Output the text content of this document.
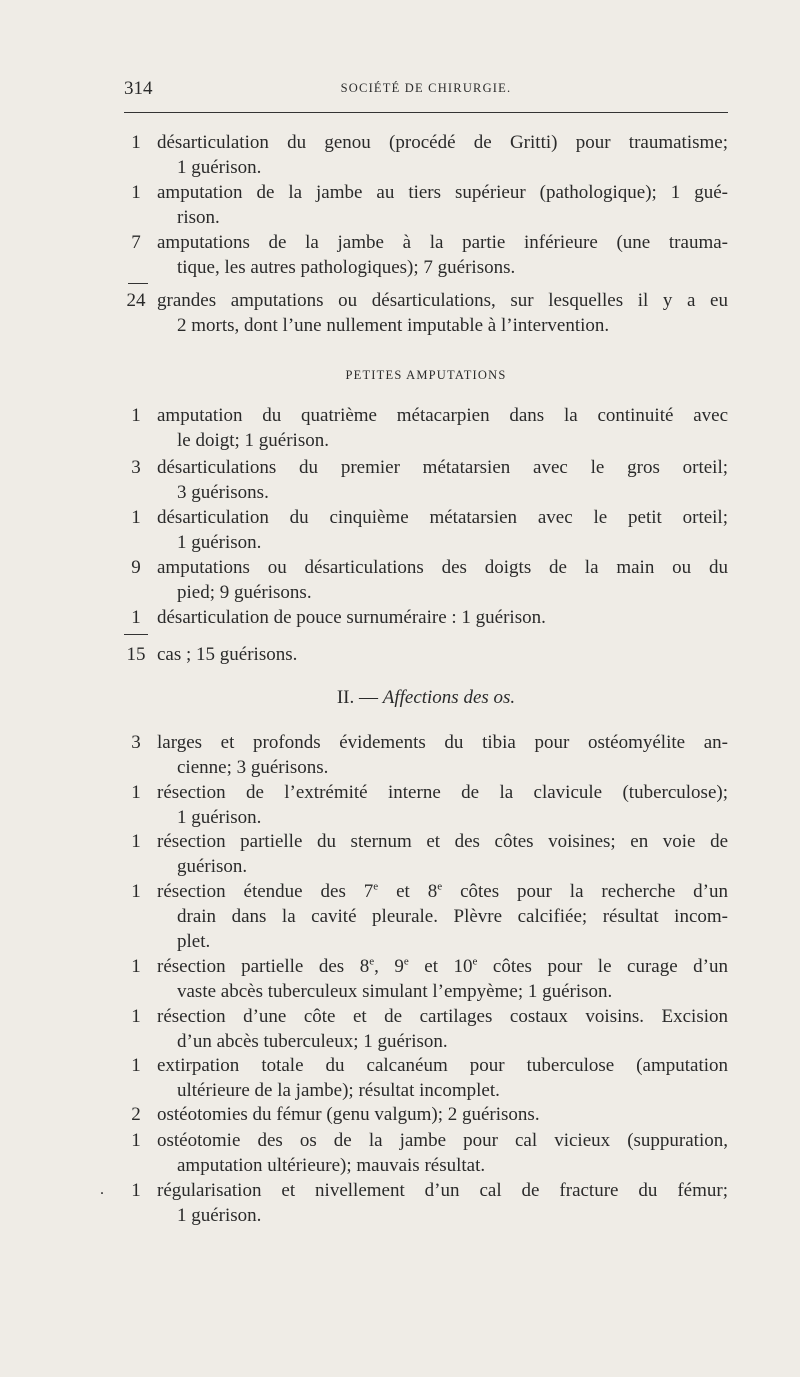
314	SOCIÉTÉ DE CHIRURGIE.
1 désarticulation du genou (procédé de Gritti) pour traumatisme;
1 guérison.
1 amputation de la jambe au tiers supérieur (pathologique); 1 gué-
rison.
7 amputations de la jambe à la partie inférieure (une trauma-
tique, les autres pathologiques); 7 guérisons.
24 grandes amputations ou désarticulations, sur lesquelles il y a eu
2 morts, dont l’une nullement imputable à l’intervention.
PETITES AMPUTATIONS
1 amputation du quatrième métacarpien dans la continuité avec
le doigt; 1 guérison.
3 désarticulations du premier métatarsien avec le gros orteil;
3 guérisons.
1 désarticulation du cinquième métatarsien avec le petit orteil;
1 guérison.
9 amputations ou désarticulations des doigts de la main ou du
pied; 9 guérisons.
1 désarticulation de pouce surnuméraire : 1 guérison.
15 cas ; 15 guérisons.
II. — Affections des os.
3 larges et profonds évidements du tibia pour ostéomyélite an-
cienne; 3 guérisons.
1 résection de l’extrémité interne de la clavicule (tuberculose);
1 guérison.
1 résection partielle du sternum et des côtes voisines; en voie de
guérison.
1 résection étendue des 7e et 8e côtes pour la recherche d’un
drain dans la cavité pleurale. Plèvre calcifiée; résultat incom-
plet.
1 résection partielle des 8e, 9e et 10e côtes pour le curage d’un
vaste abcès tuberculeux simulant l’empyème; 1 guérison.
1 résection d’une côte et de cartilages costaux voisins. Excision
d’un abcès tuberculeux; 1 guérison.
1 extirpation totale du calcanéum pour tuberculose (amputation
ultérieure de la jambe); résultat incomplet.
2 ostéotomies du fémur (genu valgum); 2 guérisons.
1 ostéotomie des os de la jambe pour cal vicieux (suppuration,
amputation ultérieure); mauvais résultat.
1 régularisation et nivellement d’un cal de fracture du fémur;
1 guérison.
.
